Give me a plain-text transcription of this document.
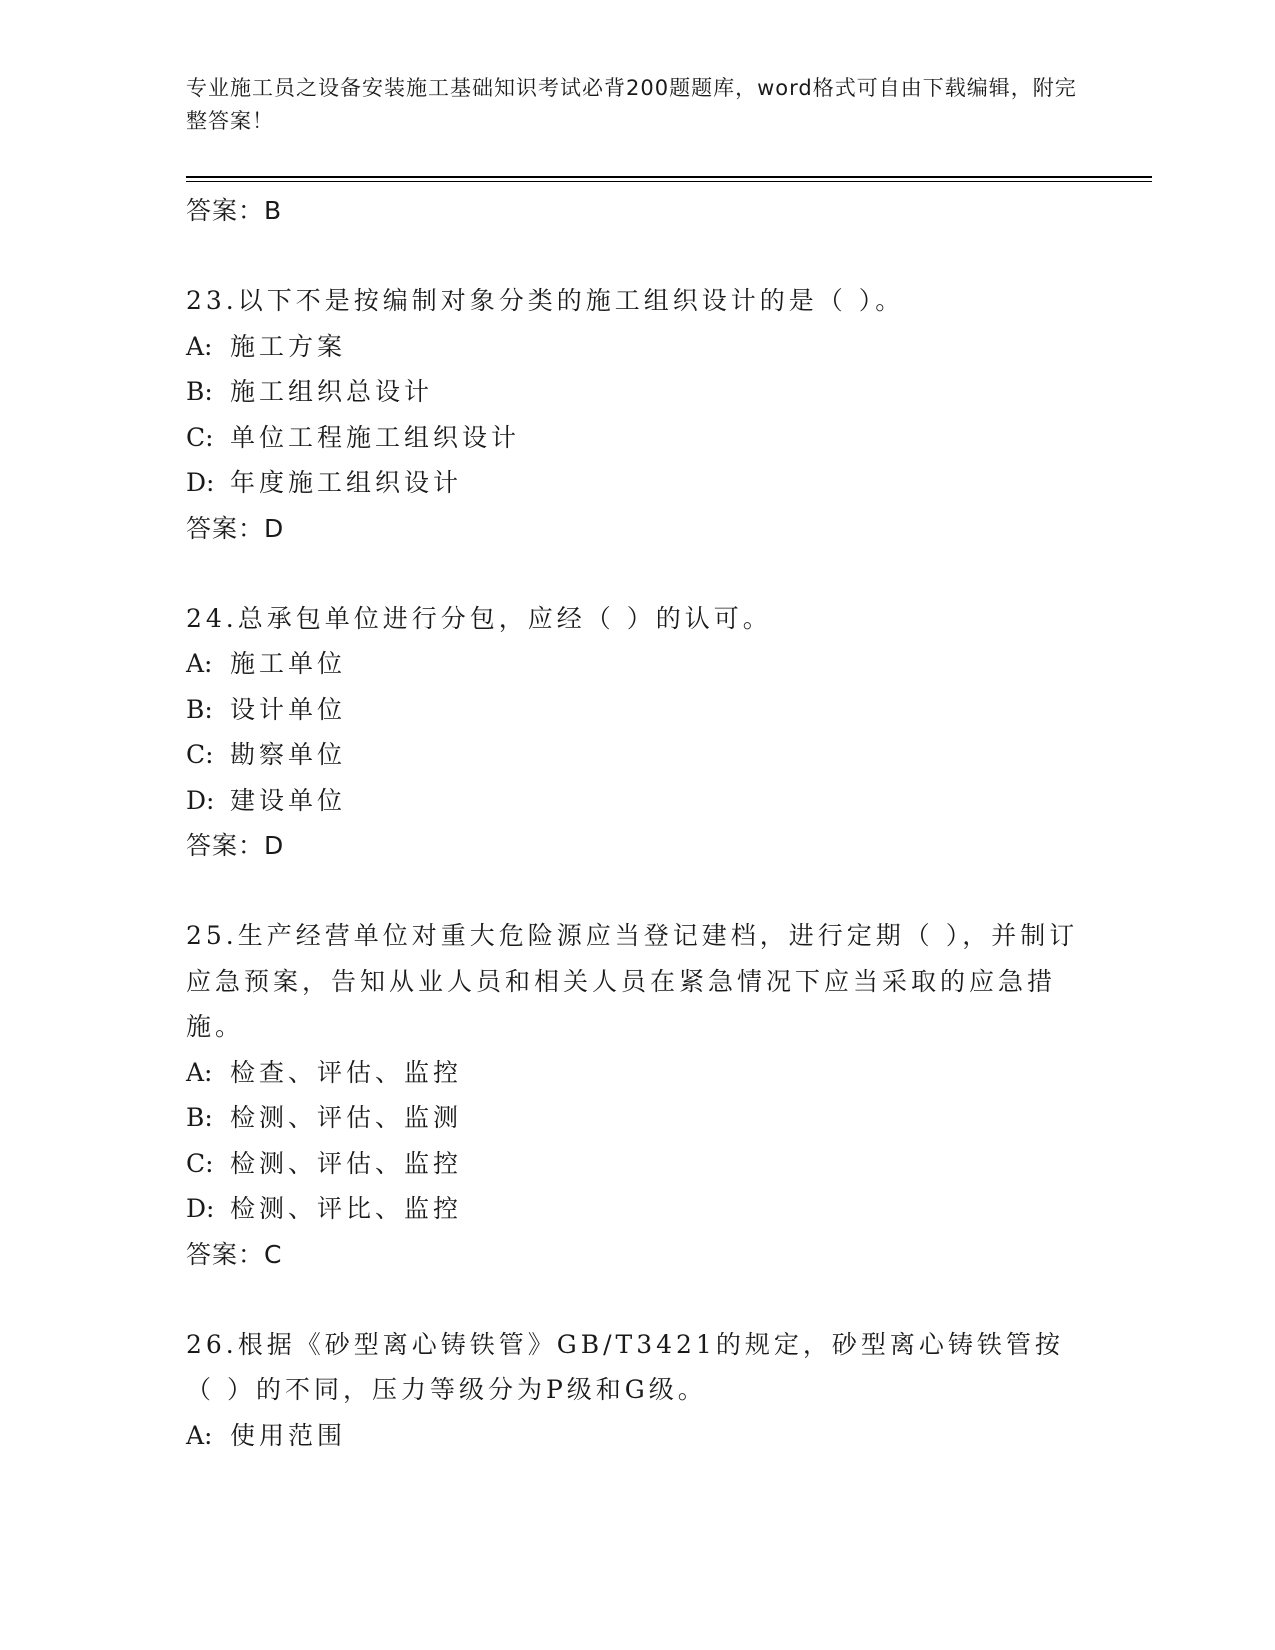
专业施工员之设备安装施工基础知识考试必背200题题库，word格式可自由下载编辑，附完整答案！
答案：B
23.以下不是按编制对象分类的施工组织设计的是（ ）。
A: 施工方案
B: 施工组织总设计
C: 单位工程施工组织设计
D: 年度施工组织设计
答案：D
24.总承包单位进行分包，应经（ ）的认可。
A: 施工单位
B: 设计单位
C: 勘察单位
D: 建设单位
答案：D
25.生产经营单位对重大危险源应当登记建档，进行定期（ ），并制订应急预案，告知从业人员和相关人员在紧急情况下应当采取的应急措施。
A: 检查、评估、监控
B: 检测、评估、监测
C: 检测、评估、监控
D: 检测、评比、监控
答案：C
26.根据《砂型离心铸铁管》GB/T3421的规定，砂型离心铸铁管按（ ）的不同，压力等级分为P级和G级。
A: 使用范围
